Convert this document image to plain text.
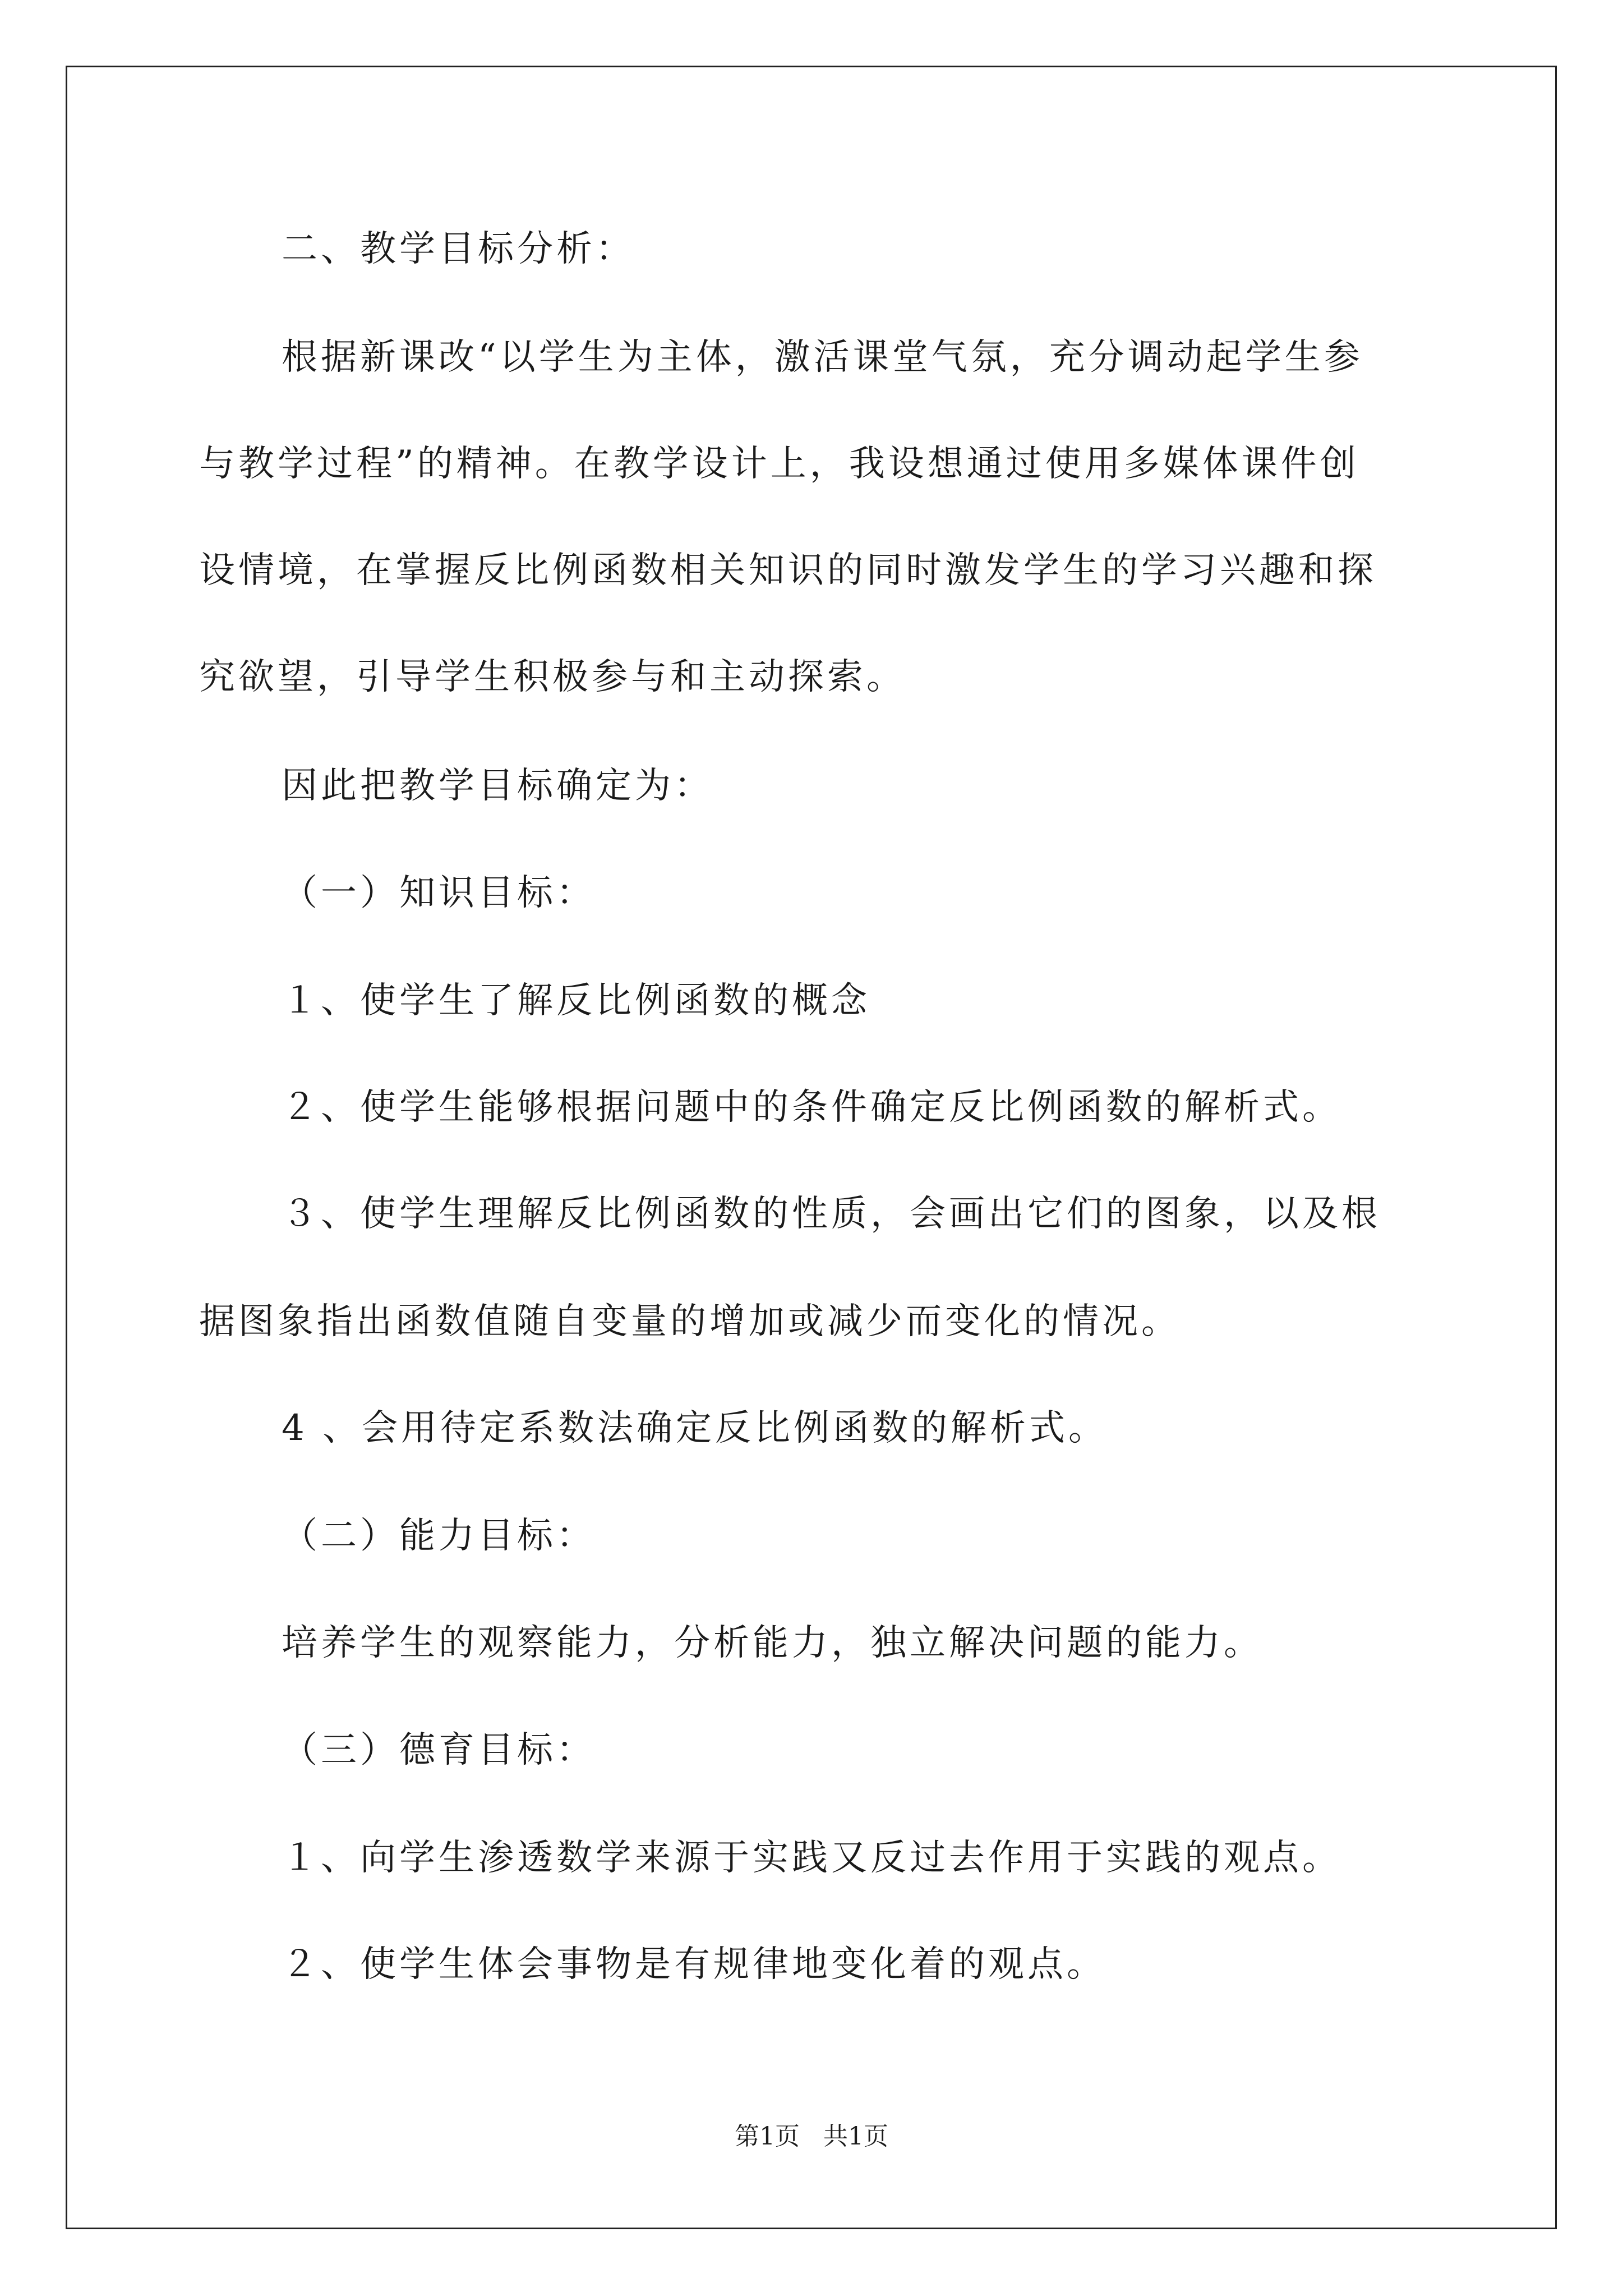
二、教学目标分析：
根据新课改“以学生为主体，激活课堂气氛，充分调动起学生参
与教学过程”的精神。在教学设计上，我设想通过使用多媒体课件创
设情境，在掌握反比例函数相关知识的同时激发学生的学习兴趣和探
究欲望，引导学生积极参与和主动探索。
因此把教学目标确定为：
（一）知识目标：
１、使学生了解反比例函数的概念
２、使学生能够根据问题中的条件确定反比例函数的解析式。
３、使学生理解反比例函数的性质，会画出它们的图象，以及根
据图象指出函数值随自变量的增加或减少而变化的情况。
4 、会用待定系数法确定反比例函数的解析式。
（二）能力目标：
培养学生的观察能力，分析能力，独立解决问题的能力。
（三）德育目标：
１、向学生渗透数学来源于实践又反过去作用于实践的观点。
２、使学生体会事物是有规律地变化着的观点。
第1页   共1页
